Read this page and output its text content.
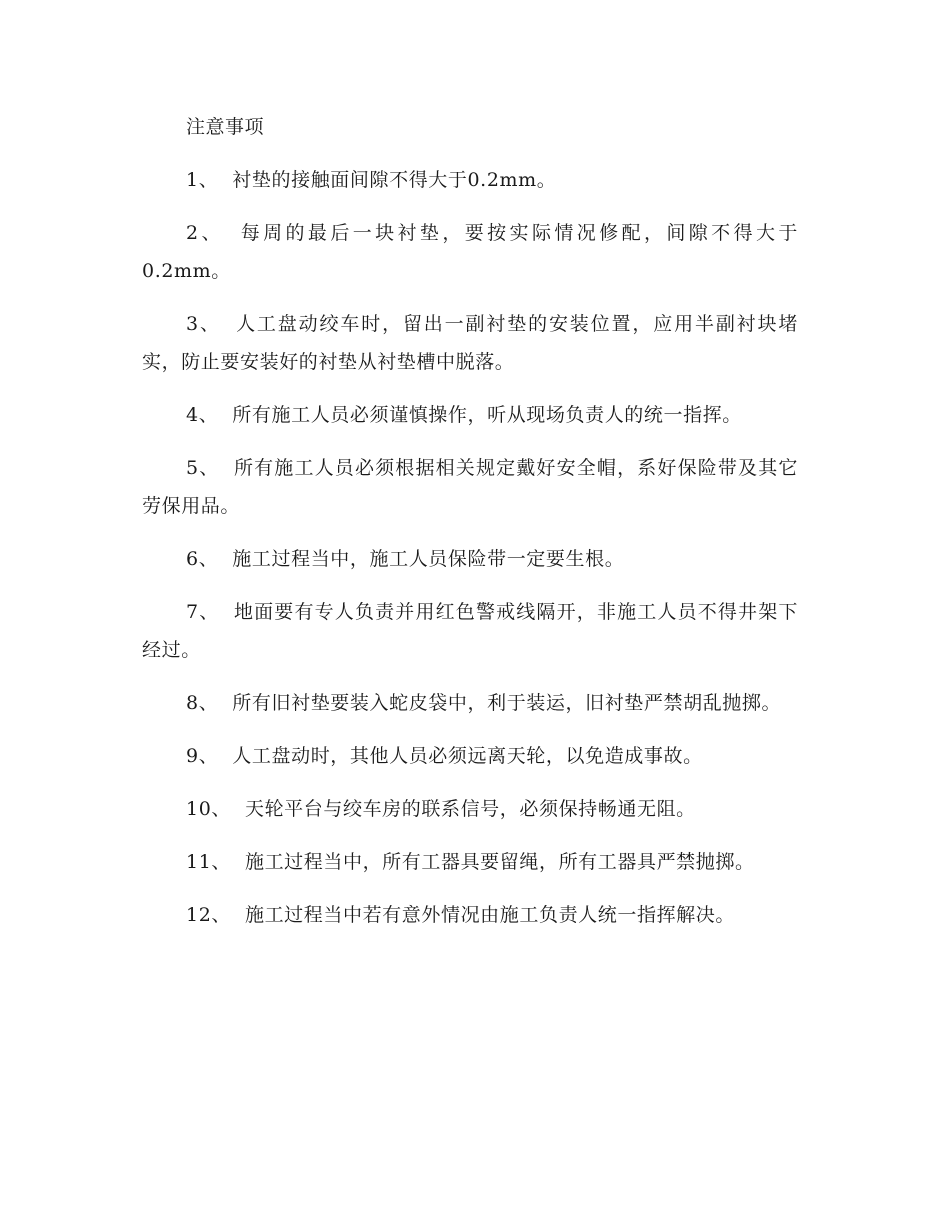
注意事项
1、 衬垫的接触面间隙不得大于0.2mm。
2、 每周的最后一块衬垫，要按实际情况修配，间隙不得大于0.2mm。
3、 人工盘动绞车时，留出一副衬垫的安装位置，应用半副衬块堵实，防止要安装好的衬垫从衬垫槽中脱落。
4、 所有施工人员必须谨慎操作，听从现场负责人的统一指挥。
5、 所有施工人员必须根据相关规定戴好安全帽，系好保险带及其它劳保用品。
6、 施工过程当中，施工人员保险带一定要生根。
7、 地面要有专人负责并用红色警戒线隔开，非施工人员不得井架下经过。
8、 所有旧衬垫要装入蛇皮袋中，利于装运，旧衬垫严禁胡乱抛掷。
9、 人工盘动时，其他人员必须远离天轮，以免造成事故。
10、 天轮平台与绞车房的联系信号，必须保持畅通无阻。
11、 施工过程当中，所有工器具要留绳，所有工器具严禁抛掷。
12、 施工过程当中若有意外情况由施工负责人统一指挥解决。
